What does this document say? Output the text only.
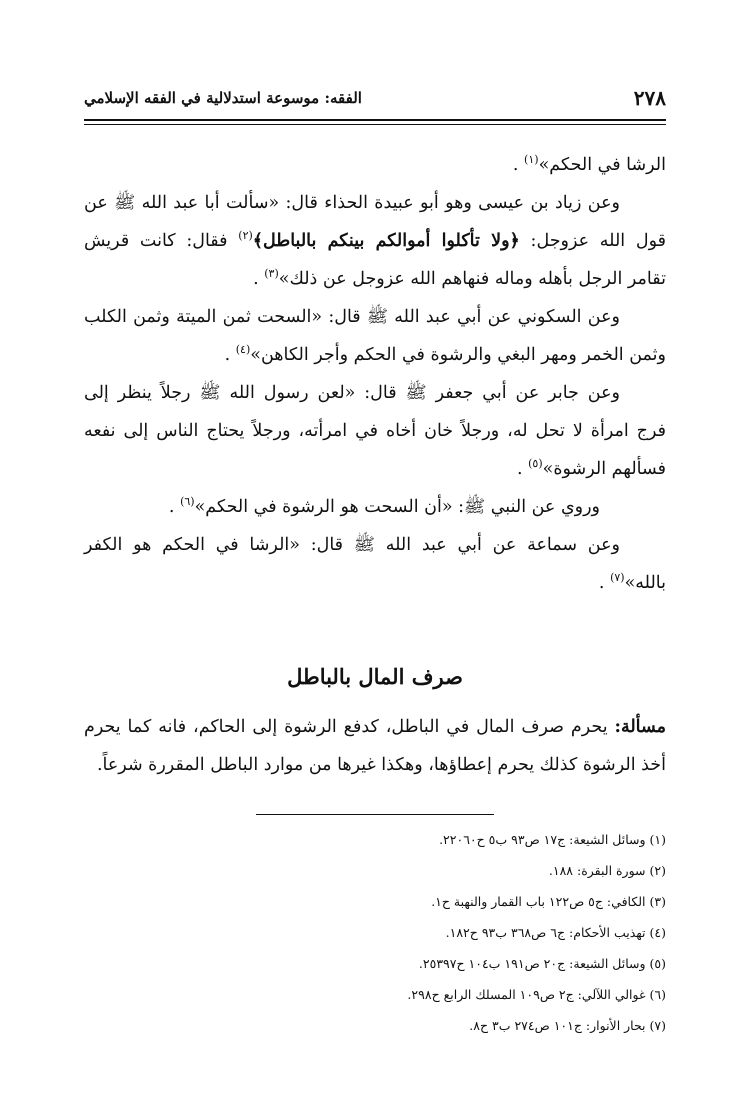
٢٧٨
الفقه: موسوعة استدلالية في الفقه الإسلامي
الرشا في الحكم»$^{(١)}$ .
وعن زياد بن عيسى وهو أبو عبيدة الحذاء قال: «سألت أبا عبد الله ﷺ عن
قول الله عزوجل: ﴿ولا تأكلوا أموالكم بينكم بالباطل﴾$^{(٢)}$ فقال: كانت قريش
تقامر الرجل بأهله وماله فنهاهم الله عزوجل عن ذلك»$^{(٣)}$ .
وعن السكوني عن أبي عبد الله ﷺ قال: «السحت ثمن الميتة وثمن الكلب
وثمن الخمر ومهر البغي والرشوة في الحكم وأجر الكاهن»$^{(٤)}$ .
وعن جابر عن أبي جعفر ﷺ قال: «لعن رسول الله ﷺ رجلاً ينظر إلى
فرج امرأة لا تحل له، ورجلاً خان أخاه في امرأته، ورجلاً يحتاج الناس إلى نفعه
فسألهم الرشوة»$^{(٥)}$ .
وروي عن النبي ﷺ: «أن السحت هو الرشوة في الحكم»$^{(٦)}$ .
وعن سماعة عن أبي عبد الله ﷺ قال: «الرشا في الحكم هو الكفر
بالله»$^{(٧)}$ .
صرف المال بالباطل
مسألة: يحرم صرف المال في الباطل، كدفع الرشوة إلى الحاكم، فانه كما يحرم
أخذ الرشوة كذلك يحرم إعطاؤها، وهكذا غيرها من موارد الباطل المقررة شرعاً.
(١) وسائل الشيعة: ج١٧ ص٩٣ ب٥ ح٢٢٠٦٠.
(٢) سورة البقرة: ١٨٨.
(٣) الكافي: ج٥ ص١٢٢ باب القمار والنهبة ح١.
(٤) تهذيب الأحكام: ج٦ ص٣٦٨ ب٩٣ ح١٨٢.
(٥) وسائل الشيعة: ج٢٠ ص١٩١ ب١٠٤ ح٢٥٣٩٧.
(٦) غوالي اللآلي: ج٢ ص١٠٩ المسلك الرابع ح٢٩٨.
(٧) بحار الأنوار: ج١٠١ ص٢٧٤ ب٣ ح٨.
